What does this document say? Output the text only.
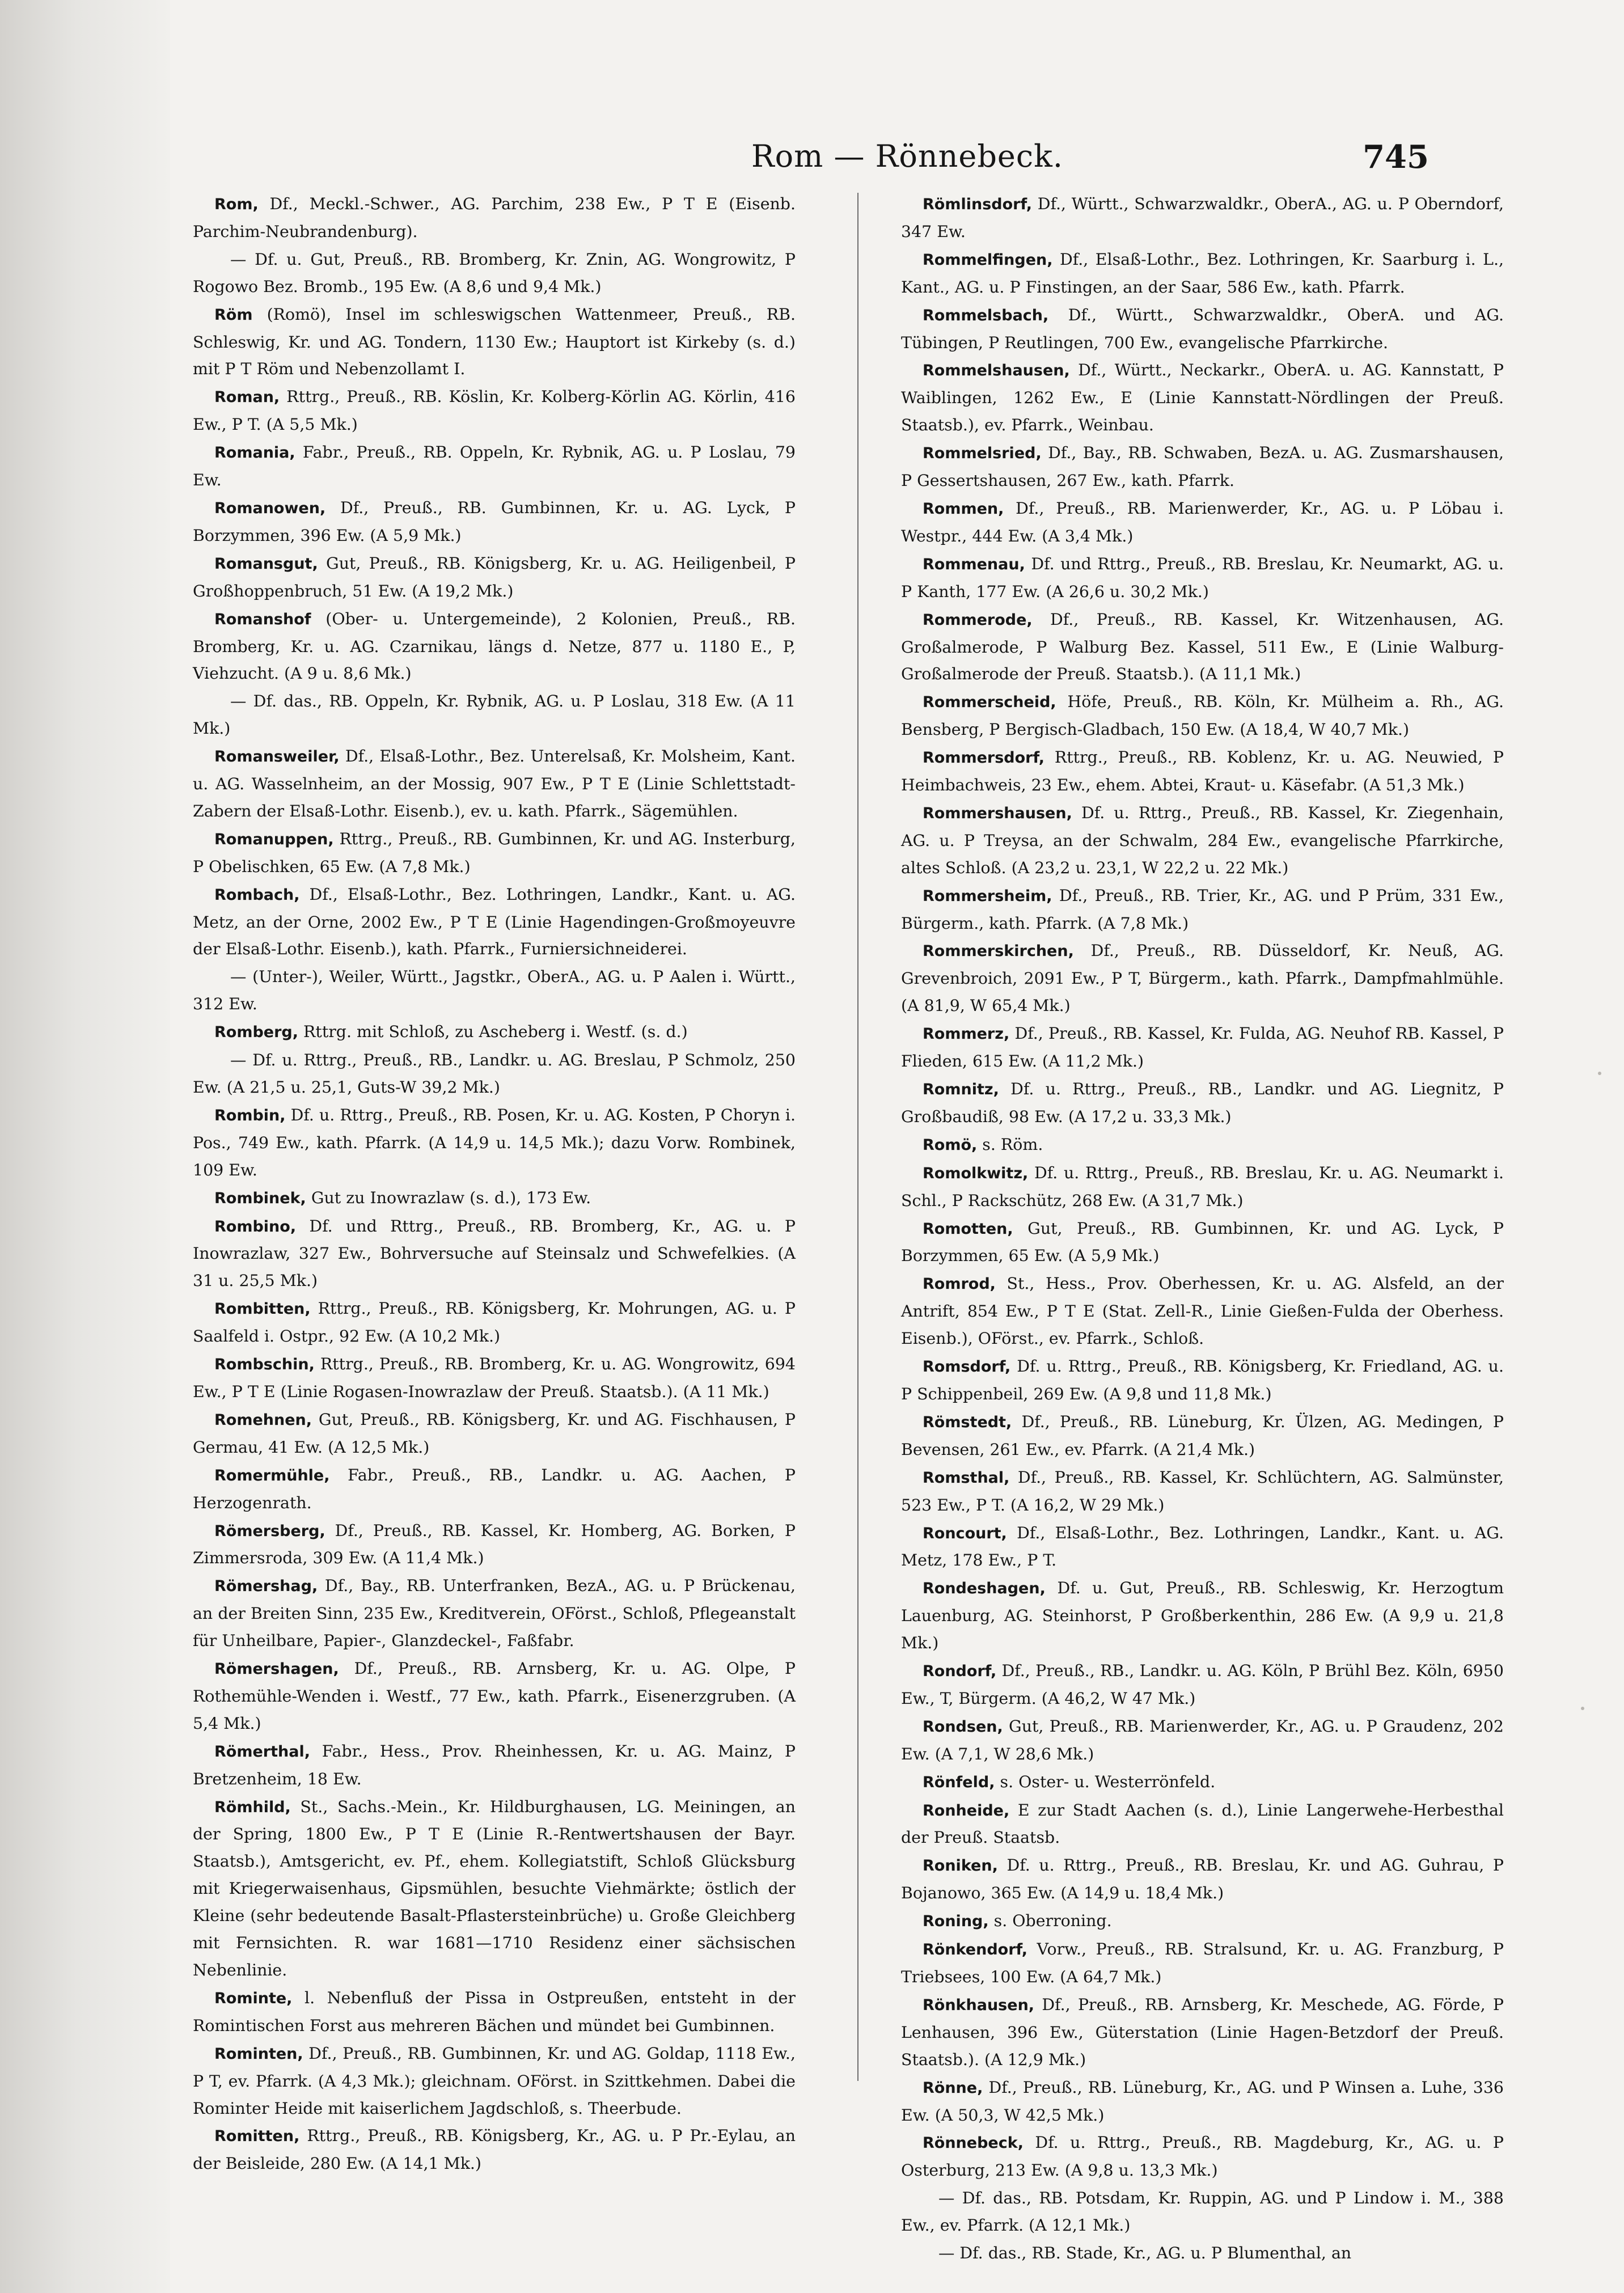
Rom — Rönnebeck.	745

Rom, Df., Meckl.-Schwer., AG. Parchim, 238 Ew., P T E (Eisenb. Parchim-Neubrandenburg).

— Df. u. Gut, Preuß., RB. Bromberg, Kr. Znin, AG. Wongrowitz, P Rogowo Bez. Bromb., 195 Ew. (A 8,6 und 9,4 Mk.)

Röm (Romö), Insel im schleswigschen Wattenmeer, Preuß., RB. Schleswig, Kr. und AG. Tondern, 1130 Ew.; Hauptort ist Kirkeby (s. d.) mit P T Röm und Nebenzollamt I.

Roman, Rttrg., Preuß., RB. Köslin, Kr. Kolberg-Körlin AG. Körlin, 416 Ew., P T. (A 5,5 Mk.)

Romania, Fabr., Preuß., RB. Oppeln, Kr. Rybnik, AG. u. P Loslau, 79 Ew.

Romanowen, Df., Preuß., RB. Gumbinnen, Kr. u. AG. Lyck, P Borzymmen, 396 Ew. (A 5,9 Mk.)

Romansgut, Gut, Preuß., RB. Königsberg, Kr. u. AG. Heiligenbeil, P Großhoppenbruch, 51 Ew. (A 19,2 Mk.)

Romanshof (Ober- u. Untergemeinde), 2 Kolonien, Preuß., RB. Bromberg, Kr. u. AG. Czarnikau, längs d. Netze, 877 u. 1180 E., P, Viehzucht. (A 9 u. 8,6 Mk.)

— Df. das., RB. Oppeln, Kr. Rybnik, AG. u. P Loslau, 318 Ew. (A 11 Mk.)

Romansweiler, Df., Elsaß-Lothr., Bez. Unterelsaß, Kr. Molsheim, Kant. u. AG. Wasselnheim, an der Mossig, 907 Ew., P T E (Linie Schlettstadt-Zabern der Elsaß-Lothr. Eisenb.), ev. u. kath. Pfarrk., Sägemühlen.

Romanuppen, Rttrg., Preuß., RB. Gumbinnen, Kr. und AG. Insterburg, P Obelischken, 65 Ew. (A 7,8 Mk.)

Rombach, Df., Elsaß-Lothr., Bez. Lothringen, Landkr., Kant. u. AG. Metz, an der Orne, 2002 Ew., P T E (Linie Hagendingen-Großmoyeuvre der Elsaß-Lothr. Eisenb.), kath. Pfarrk., Furniersichneiderei.

— (Unter-), Weiler, Württ., Jagstkr., OberA., AG. u. P Aalen i. Württ., 312 Ew.

Romberg, Rttrg. mit Schloß, zu Ascheberg i. Westf. (s. d.)

— Df. u. Rttrg., Preuß., RB., Landkr. u. AG. Breslau, P Schmolz, 250 Ew. (A 21,5 u. 25,1, Guts-W 39,2 Mk.)

Rombin, Df. u. Rttrg., Preuß., RB. Posen, Kr. u. AG. Kosten, P Choryn i. Pos., 749 Ew., kath. Pfarrk. (A 14,9 u. 14,5 Mk.); dazu Vorw. Rombinek, 109 Ew.

Rombinek, Gut zu Inowrazlaw (s. d.), 173 Ew.

Rombino, Df. und Rttrg., Preuß., RB. Bromberg, Kr., AG. u. P Inowrazlaw, 327 Ew., Bohrversuche auf Steinsalz und Schwefelkies. (A 31 u. 25,5 Mk.)

Rombitten, Rttrg., Preuß., RB. Königsberg, Kr. Mohrungen, AG. u. P Saalfeld i. Ostpr., 92 Ew. (A 10,2 Mk.)

Rombschin, Rttrg., Preuß., RB. Bromberg, Kr. u. AG. Wongrowitz, 694 Ew., P T E (Linie Rogasen-Inowrazlaw der Preuß. Staatsb.). (A 11 Mk.)

Romehnen, Gut, Preuß., RB. Königsberg, Kr. und AG. Fischhausen, P Germau, 41 Ew. (A 12,5 Mk.)

Romermühle, Fabr., Preuß., RB., Landkr. u. AG. Aachen, P Herzogenrath.

Römersberg, Df., Preuß., RB. Kassel, Kr. Homberg, AG. Borken, P Zimmersroda, 309 Ew. (A 11,4 Mk.)

Römershag, Df., Bay., RB. Unterfranken, BezA., AG. u. P Brückenau, an der Breiten Sinn, 235 Ew., Kreditverein, OFörst., Schloß, Pflegeanstalt für Unheilbare, Papier-, Glanzdeckel-, Faßfabr.

Römershagen, Df., Preuß., RB. Arnsberg, Kr. u. AG. Olpe, P Rothemühle-Wenden i. Westf., 77 Ew., kath. Pfarrk., Eisenerzgruben. (A 5,4 Mk.)

Römerthal, Fabr., Hess., Prov. Rheinhessen, Kr. u. AG. Mainz, P Bretzenheim, 18 Ew.

Römhild, St., Sachs.-Mein., Kr. Hildburghausen, LG. Meiningen, an der Spring, 1800 Ew., P T E (Linie R.-Rentwertshausen der Bayr. Staatsb.), Amtsgericht, ev. Pf., ehem. Kollegiatstift, Schloß Glücksburg mit Kriegerwaisenhaus, Gipsmühlen, besuchte Viehmärkte; östlich der Kleine (sehr bedeutende Basalt-Pflastersteinbrüche) u. Große Gleichberg mit Fernsichten. R. war 1681—1710 Residenz einer sächsischen Nebenlinie.

Rominte, l. Nebenfluß der Pissa in Ostpreußen, entsteht in der Romintischen Forst aus mehreren Bächen und mündet bei Gumbinnen.

Rominten, Df., Preuß., RB. Gumbinnen, Kr. und AG. Goldap, 1118 Ew., P T, ev. Pfarrk. (A 4,3 Mk.); gleichnam. OFörst. in Szittkehmen. Dabei die Rominter Heide mit kaiserlichem Jagdschloß, s. Theerbude.

Romitten, Rttrg., Preuß., RB. Königsberg, Kr., AG. u. P Pr.-Eylau, an der Beisleide, 280 Ew. (A 14,1 Mk.)

Römlinsdorf, Df., Württ., Schwarzwaldkr., OberA., AG. u. P Oberndorf, 347 Ew.

Rommelfingen, Df., Elsaß-Lothr., Bez. Lothringen, Kr. Saarburg i. L., Kant., AG. u. P Finstingen, an der Saar, 586 Ew., kath. Pfarrk.

Rommelsbach, Df., Württ., Schwarzwaldkr., OberA. und AG. Tübingen, P Reutlingen, 700 Ew., evangelische Pfarrkirche.

Rommelshausen, Df., Württ., Neckarkr., OberA. u. AG. Kannstatt, P Waiblingen, 1262 Ew., E (Linie Kannstatt-Nördlingen der Preuß. Staatsb.), ev. Pfarrk., Weinbau.

Rommelsried, Df., Bay., RB. Schwaben, BezA. u. AG. Zusmarshausen, P Gessertshausen, 267 Ew., kath. Pfarrk.

Rommen, Df., Preuß., RB. Marienwerder, Kr., AG. u. P Löbau i. Westpr., 444 Ew. (A 3,4 Mk.)

Rommenau, Df. und Rttrg., Preuß., RB. Breslau, Kr. Neumarkt, AG. u. P Kanth, 177 Ew. (A 26,6 u. 30,2 Mk.)

Rommerode, Df., Preuß., RB. Kassel, Kr. Witzenhausen, AG. Großalmerode, P Walburg Bez. Kassel, 511 Ew., E (Linie Walburg-Großalmerode der Preuß. Staatsb.). (A 11,1 Mk.)

Rommerscheid, Höfe, Preuß., RB. Köln, Kr. Mülheim a. Rh., AG. Bensberg, P Bergisch-Gladbach, 150 Ew. (A 18,4, W 40,7 Mk.)

Rommersdorf, Rttrg., Preuß., RB. Koblenz, Kr. u. AG. Neuwied, P Heimbachweis, 23 Ew., ehem. Abtei, Kraut- u. Käsefabr. (A 51,3 Mk.)

Rommershausen, Df. u. Rttrg., Preuß., RB. Kassel, Kr. Ziegenhain, AG. u. P Treysa, an der Schwalm, 284 Ew., evangelische Pfarrkirche, altes Schloß. (A 23,2 u. 23,1, W 22,2 u. 22 Mk.)

Rommersheim, Df., Preuß., RB. Trier, Kr., AG. und P Prüm, 331 Ew., Bürgerm., kath. Pfarrk. (A 7,8 Mk.)

Rommerskirchen, Df., Preuß., RB. Düsseldorf, Kr. Neuß, AG. Grevenbroich, 2091 Ew., P T, Bürgerm., kath. Pfarrk., Dampfmahlmühle. (A 81,9, W 65,4 Mk.)

Rommerz, Df., Preuß., RB. Kassel, Kr. Fulda, AG. Neuhof RB. Kassel, P Flieden, 615 Ew. (A 11,2 Mk.)

Romnitz, Df. u. Rttrg., Preuß., RB., Landkr. und AG. Liegnitz, P Großbaudiß, 98 Ew. (A 17,2 u. 33,3 Mk.)

Romö, s. Röm.

Romolkwitz, Df. u. Rttrg., Preuß., RB. Breslau, Kr. u. AG. Neumarkt i. Schl., P Rackschütz, 268 Ew. (A 31,7 Mk.)

Romotten, Gut, Preuß., RB. Gumbinnen, Kr. und AG. Lyck, P Borzymmen, 65 Ew. (A 5,9 Mk.)

Romrod, St., Hess., Prov. Oberhessen, Kr. u. AG. Alsfeld, an der Antrift, 854 Ew., P T E (Stat. Zell-R., Linie Gießen-Fulda der Oberhess. Eisenb.), OFörst., ev. Pfarrk., Schloß.

Romsdorf, Df. u. Rttrg., Preuß., RB. Königsberg, Kr. Friedland, AG. u. P Schippenbeil, 269 Ew. (A 9,8 und 11,8 Mk.)

Römstedt, Df., Preuß., RB. Lüneburg, Kr. Ülzen, AG. Medingen, P Bevensen, 261 Ew., ev. Pfarrk. (A 21,4 Mk.)

Romsthal, Df., Preuß., RB. Kassel, Kr. Schlüchtern, AG. Salmünster, 523 Ew., P T. (A 16,2, W 29 Mk.)

Roncourt, Df., Elsaß-Lothr., Bez. Lothringen, Landkr., Kant. u. AG. Metz, 178 Ew., P T.

Rondeshagen, Df. u. Gut, Preuß., RB. Schleswig, Kr. Herzogtum Lauenburg, AG. Steinhorst, P Großberkenthin, 286 Ew. (A 9,9 u. 21,8 Mk.)

Rondorf, Df., Preuß., RB., Landkr. u. AG. Köln, P Brühl Bez. Köln, 6950 Ew., T, Bürgerm. (A 46,2, W 47 Mk.)

Rondsen, Gut, Preuß., RB. Marienwerder, Kr., AG. u. P Graudenz, 202 Ew. (A 7,1, W 28,6 Mk.)

Rönfeld, s. Oster- u. Westerrönfeld.

Ronheide, E zur Stadt Aachen (s. d.), Linie Langerwehe-Herbesthal der Preuß. Staatsb.

Roniken, Df. u. Rttrg., Preuß., RB. Breslau, Kr. und AG. Guhrau, P Bojanowo, 365 Ew. (A 14,9 u. 18,4 Mk.)

Roning, s. Oberroning.

Rönkendorf, Vorw., Preuß., RB. Stralsund, Kr. u. AG. Franzburg, P Triebsees, 100 Ew. (A 64,7 Mk.)

Rönkhausen, Df., Preuß., RB. Arnsberg, Kr. Meschede, AG. Förde, P Lenhausen, 396 Ew., Güterstation (Linie Hagen-Betzdorf der Preuß. Staatsb.). (A 12,9 Mk.)

Rönne, Df., Preuß., RB. Lüneburg, Kr., AG. und P Winsen a. Luhe, 336 Ew. (A 50,3, W 42,5 Mk.)

Rönnebeck, Df. u. Rttrg., Preuß., RB. Magdeburg, Kr., AG. u. P Osterburg, 213 Ew. (A 9,8 u. 13,3 Mk.)

— Df. das., RB. Potsdam, Kr. Ruppin, AG. und P Lindow i. M., 388 Ew., ev. Pfarrk. (A 12,1 Mk.)

— Df. das., RB. Stade, Kr., AG. u. P Blumenthal, an
